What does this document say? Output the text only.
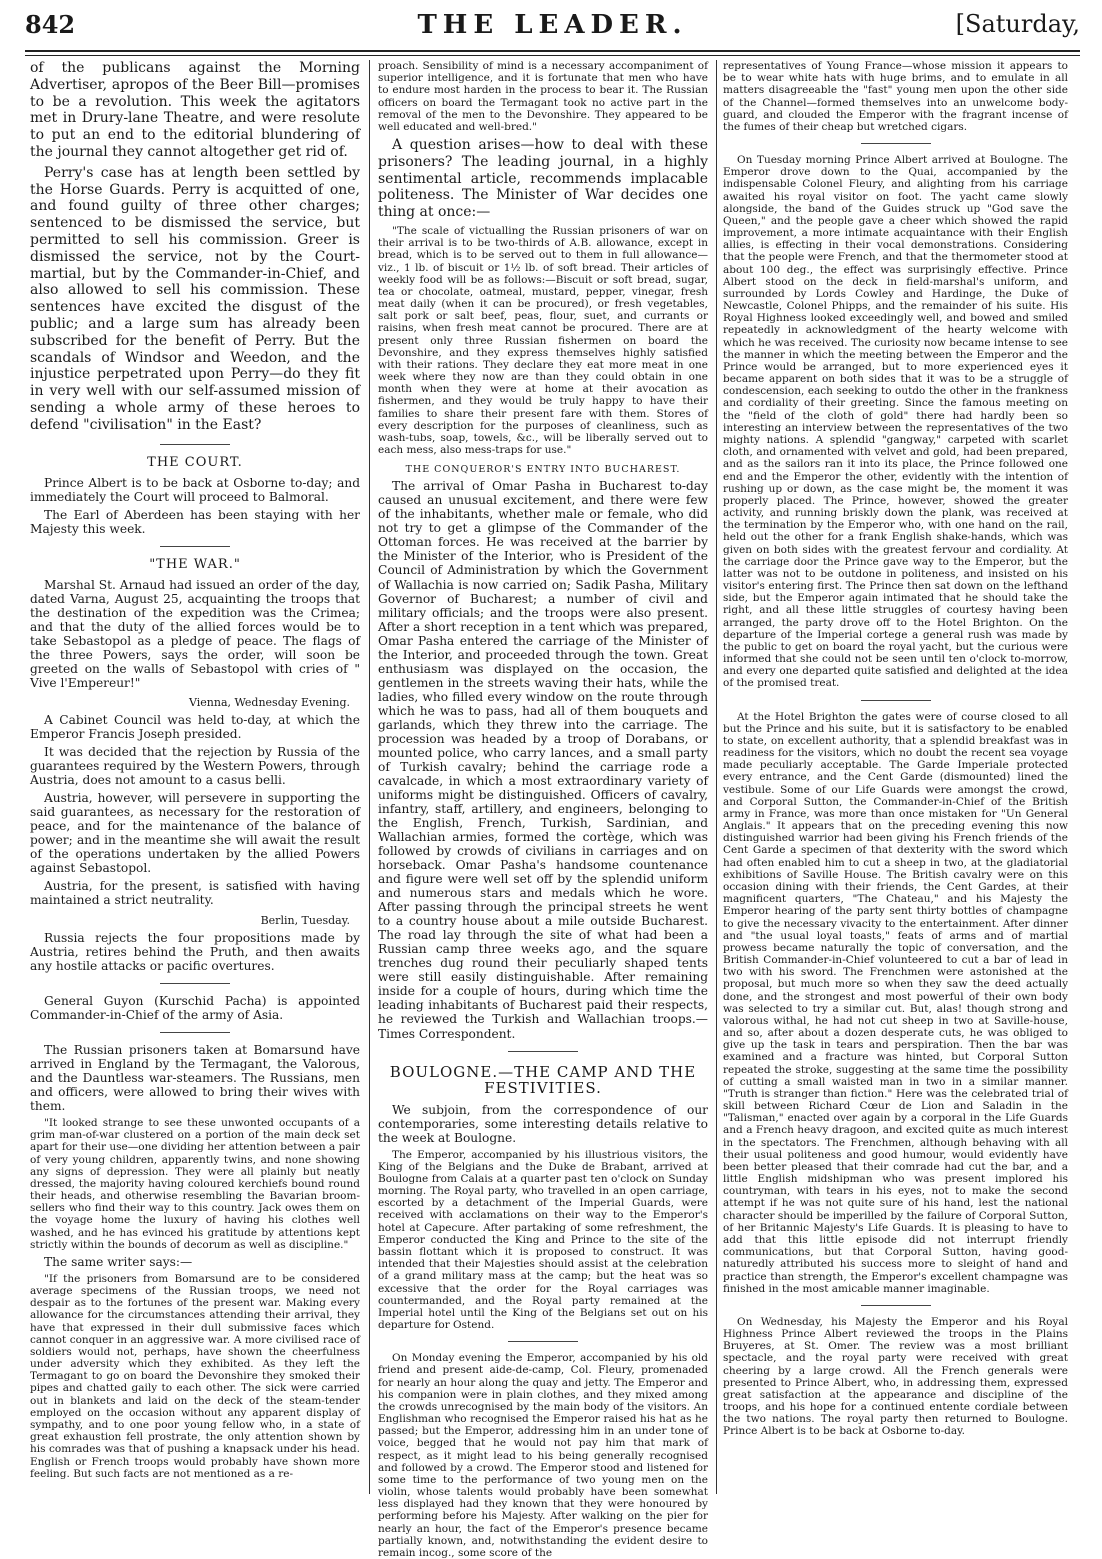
842	THE LEADER.	[Saturday,

of the publicans against the Morning Advertiser, apropos of the Beer Bill—promises to be a revolution. This week the agitators met in Drury-lane Theatre, and were resolute to put an end to the editorial blundering of the journal they cannot altogether get rid of.

Perry's case has at length been settled by the Horse Guards. Perry is acquitted of one, and found guilty of three other charges; sentenced to be dismissed the service, but permitted to sell his commission. Greer is dismissed the service, not by the Court-martial, but by the Commander-in-Chief, and also allowed to sell his commission. These sentences have excited the disgust of the public; and a large sum has already been subscribed for the benefit of Perry. But the scandals of Windsor and Weedon, and the injustice perpetrated upon Perry—do they fit in very well with our self-assumed mission of sending a whole army of these heroes to defend "civilisation" in the East?

THE COURT.

Prince Albert is to be back at Osborne to-day; and immediately the Court will proceed to Balmoral.

The Earl of Aberdeen has been staying with her Majesty this week.

"THE WAR."

Marshal St. Arnaud had issued an order of the day, dated Varna, August 25, acquainting the troops that the destination of the expedition was the Crimea; and that the duty of the allied forces would be to take Sebastopol as a pledge of peace. The flags of the three Powers, says the order, will soon be greeted on the walls of Sebastopol with cries of " Vive l'Empereur!"

Vienna, Wednesday Evening.

A Cabinet Council was held to-day, at which the Emperor Francis Joseph presided.

It was decided that the rejection by Russia of the guarantees required by the Western Powers, through Austria, does not amount to a casus belli.

Austria, however, will persevere in supporting the said guarantees, as necessary for the restoration of peace, and for the maintenance of the balance of power; and in the meantime she will await the result of the operations undertaken by the allied Powers against Sebastopol.

Austria, for the present, is satisfied with having maintained a strict neutrality.

Berlin, Tuesday.

Russia rejects the four propositions made by Austria, retires behind the Pruth, and then awaits any hostile attacks or pacific overtures.

General Guyon (Kurschid Pacha) is appointed Commander-in-Chief of the army of Asia.

The Russian prisoners taken at Bomarsund have arrived in England by the Termagant, the Valorous, and the Dauntless war-steamers. The Russians, men and officers, were allowed to bring their wives with them.

"It looked strange to see these unwonted occupants of a grim man-of-war clustered on a portion of the main deck set apart for their use—one dividing her attention between a pair of very young children, apparently twins, and none showing any signs of depression. They were all plainly but neatly dressed, the majority having coloured kerchiefs bound round their heads, and otherwise resembling the Bavarian broom-sellers who find their way to this country. Jack owes them on the voyage home the luxury of having his clothes well washed, and he has evinced his gratitude by attentions kept strictly within the bounds of decorum as well as discipline."

The same writer says:—

"If the prisoners from Bomarsund are to be considered average specimens of the Russian troops, we need not despair as to the fortunes of the present war. Making every allowance for the circumstances attending their arrival, they have that expressed in their dull submissive faces which cannot conquer in an aggressive war. A more civilised race of soldiers would not, perhaps, have shown the cheerfulness under adversity which they exhibited. As they left the Termagant to go on board the Devonshire they smoked their pipes and chatted gaily to each other. The sick were carried out in blankets and laid on the deck of the steam-tender employed on the occasion without any apparent display of sympathy, and to one poor young fellow who, in a state of great exhaustion fell prostrate, the only attention shown by his comrades was that of pushing a knapsack under his head. English or French troops would probably have shown more feeling. But such facts are not mentioned as a re-

proach. Sensibility of mind is a necessary accompaniment of superior intelligence, and it is fortunate that men who have to endure most harden in the process to bear it. The Russian officers on board the Termagant took no active part in the removal of the men to the Devonshire. They appeared to be well educated and well-bred."

A question arises—how to deal with these prisoners? The leading journal, in a highly sentimental article, recommends implacable politeness. The Minister of War decides one thing at once:—

"The scale of victualling the Russian prisoners of war on their arrival is to be two-thirds of A.B. allowance, except in bread, which is to be served out to them in full allowance—viz., 1 lb. of biscuit or 1½ lb. of soft bread. Their articles of weekly food will be as follows:—Biscuit or soft bread, sugar, tea or chocolate, oatmeal, mustard, pepper, vinegar, fresh meat daily (when it can be procured), or fresh vegetables, salt pork or salt beef, peas, flour, suet, and currants or raisins, when fresh meat cannot be procured. There are at present only three Russian fishermen on board the Devonshire, and they express themselves highly satisfied with their rations. They declare they eat more meat in one week where they now are than they could obtain in one month when they were at home at their avocation as fishermen, and they would be truly happy to have their families to share their present fare with them. Stores of every description for the purposes of cleanliness, such as wash-tubs, soap, towels, &c., will be liberally served out to each mess, also mess-traps for use."

THE CONQUEROR'S ENTRY INTO BUCHAREST.

The arrival of Omar Pasha in Bucharest to-day caused an unusual excitement, and there were few of the inhabitants, whether male or female, who did not try to get a glimpse of the Commander of the Ottoman forces. He was received at the barrier by the Minister of the Interior, who is President of the Council of Administration by which the Government of Wallachia is now carried on; Sadik Pasha, Military Governor of Bucharest; a number of civil and military officials; and the troops were also present. After a short reception in a tent which was prepared, Omar Pasha entered the carriage of the Minister of the Interior, and proceeded through the town. Great enthusiasm was displayed on the occasion, the gentlemen in the streets waving their hats, while the ladies, who filled every window on the route through which he was to pass, had all of them bouquets and garlands, which they threw into the carriage. The procession was headed by a troop of Dorabans, or mounted police, who carry lances, and a small party of Turkish cavalry; behind the carriage rode a cavalcade, in which a most extraordinary variety of uniforms might be distinguished. Officers of cavalry, infantry, staff, artillery, and engineers, belonging to the English, French, Turkish, Sardinian, and Wallachian armies, formed the cortège, which was followed by crowds of civilians in carriages and on horseback. Omar Pasha's handsome countenance and figure were well set off by the splendid uniform and numerous stars and medals which he wore. After passing through the principal streets he went to a country house about a mile outside Bucharest. The road lay through the site of what had been a Russian camp three weeks ago, and the square trenches dug round their peculiarly shaped tents were still easily distinguishable. After remaining inside for a couple of hours, during which time the leading inhabitants of Bucharest paid their respects, he reviewed the Turkish and Wallachian troops.—Times Correspondent.

BOULOGNE.—THE CAMP AND THE FESTIVITIES.

We subjoin, from the correspondence of our contemporaries, some interesting details relative to the week at Boulogne.

The Emperor, accompanied by his illustrious visitors, the King of the Belgians and the Duke de Brabant, arrived at Boulogne from Calais at a quarter past ten o'clock on Sunday morning. The Royal party, who travelled in an open carriage, escorted by a detachment of the Imperial Guards, were received with acclamations on their way to the Emperor's hotel at Capecure. After partaking of some refreshment, the Emperor conducted the King and Prince to the site of the bassin flottant which it is proposed to construct. It was intended that their Majesties should assist at the celebration of a grand military mass at the camp; but the heat was so excessive that the order for the Royal carriages was countermanded, and the Royal party remained at the Imperial hotel until the King of the Belgians set out on his departure for Ostend.

On Monday evening the Emperor, accompanied by his old friend and present aide-de-camp, Col. Fleury, promenaded for nearly an hour along the quay and jetty. The Emperor and his companion were in plain clothes, and they mixed among the crowds unrecognised by the main body of the visitors. An Englishman who recognised the Emperor raised his hat as he passed; but the Emperor, addressing him in an under tone of voice, begged that he would not pay him that mark of respect, as it might lead to his being generally recognised and followed by a crowd. The Emperor stood and listened for some time to the performance of two young men on the violin, whose talents would probably have been somewhat less displayed had they known that they were honoured by performing before his Majesty. After walking on the pier for nearly an hour, the fact of the Emperor's presence became partially known, and, notwithstanding the evident desire to remain incog., some score of the

representatives of Young France—whose mission it appears to be to wear white hats with huge brims, and to emulate in all matters disagreeable the "fast" young men upon the other side of the Channel—formed themselves into an unwelcome body-guard, and clouded the Emperor with the fragrant incense of the fumes of their cheap but wretched cigars.

On Tuesday morning Prince Albert arrived at Boulogne. The Emperor drove down to the Quai, accompanied by the indispensable Colonel Fleury, and alighting from his carriage awaited his royal visitor on foot. The yacht came slowly alongside, the band of the Guides struck up "God save the Queen," and the people gave a cheer which showed the rapid improvement, a more intimate acquaintance with their English allies, is effecting in their vocal demonstrations. Considering that the people were French, and that the thermometer stood at about 100 deg., the effect was surprisingly effective. Prince Albert stood on the deck in field-marshal's uniform, and surrounded by Lords Cowley and Hardinge, the Duke of Newcastle, Colonel Phipps, and the remainder of his suite. His Royal Highness looked exceedingly well, and bowed and smiled repeatedly in acknowledgment of the hearty welcome with which he was received. The curiosity now became intense to see the manner in which the meeting between the Emperor and the Prince would be arranged, but to more experienced eyes it became apparent on both sides that it was to be a struggle of condescension, each seeking to outdo the other in the frankness and cordiality of their greeting. Since the famous meeting on the "field of the cloth of gold" there had hardly been so interesting an interview between the representatives of the two mighty nations. A splendid "gangway," carpeted with scarlet cloth, and ornamented with velvet and gold, had been prepared, and as the sailors ran it into its place, the Prince followed one end and the Emperor the other, evidently with the intention of rushing up or down, as the case might be, the moment it was properly placed. The Prince, however, showed the greater activity, and running briskly down the plank, was received at the termination by the Emperor who, with one hand on the rail, held out the other for a frank English shake-hands, which was given on both sides with the greatest fervour and cordiality. At the carriage door the Prince gave way to the Emperor, but the latter was not to be outdone in politeness, and insisted on his visitor's entering first. The Prince then sat down on the lefthand side, but the Emperor again intimated that he should take the right, and all these little struggles of courtesy having been arranged, the party drove off to the Hotel Brighton. On the departure of the Imperial cortege a general rush was made by the public to get on board the royal yacht, but the curious were informed that she could not be seen until ten o'clock to-morrow, and every one departed quite satisfied and delighted at the idea of the promised treat.

At the Hotel Brighton the gates were of course closed to all but the Prince and his suite, but it is satisfactory to be enabled to state, on excellent authority, that a splendid breakfast was in readiness for the visitors, which no doubt the recent sea voyage made peculiarly acceptable. The Garde Imperiale protected every entrance, and the Cent Garde (dismounted) lined the vestibule. Some of our Life Guards were amongst the crowd, and Corporal Sutton, the Commander-in-Chief of the British army in France, was more than once mistaken for "Un General Anglais." It appears that on the preceding evening this now distinguished warrior had been giving his French friends of the Cent Garde a specimen of that dexterity with the sword which had often enabled him to cut a sheep in two, at the gladiatorial exhibitions of Saville House. The British cavalry were on this occasion dining with their friends, the Cent Gardes, at their magnificent quarters, "The Chateau," and his Majesty the Emperor hearing of the party sent thirty bottles of champagne to give the necessary vivacity to the entertainment. After dinner and "the usual loyal toasts," feats of arms and of martial prowess became naturally the topic of conversation, and the British Commander-in-Chief volunteered to cut a bar of lead in two with his sword. The Frenchmen were astonished at the proposal, but much more so when they saw the deed actually done, and the strongest and most powerful of their own body was selected to try a similar cut. But, alas! though strong and valorous withal, he had not cut sheep in two at Saville-house, and so, after about a dozen desperate cuts, he was obliged to give up the task in tears and perspiration. Then the bar was examined and a fracture was hinted, but Corporal Sutton repeated the stroke, suggesting at the same time the possibility of cutting a small waisted man in two in a similar manner. "Truth is stranger than fiction." Here was the celebrated trial of skill between Richard Cœur de Lion and Saladin in the "Talisman," enacted over again by a corporal in the Life Guards and a French heavy dragoon, and excited quite as much interest in the spectators. The Frenchmen, although behaving with all their usual politeness and good humour, would evidently have been better pleased that their comrade had cut the bar, and a little English midshipman who was present implored his countryman, with tears in his eyes, not to make the second attempt if he was not quite sure of his hand, lest the national character should be imperilled by the failure of Corporal Sutton, of her Britannic Majesty's Life Guards. It is pleasing to have to add that this little episode did not interrupt friendly communications, but that Corporal Sutton, having good-naturedly attributed his success more to sleight of hand and practice than strength, the Emperor's excellent champagne was finished in the most amicable manner imaginable.

On Wednesday, his Majesty the Emperor and his Royal Highness Prince Albert reviewed the troops in the Plains Bruyeres, at St. Omer. The review was a most brilliant spectacle, and the royal party were received with great cheering by a large crowd. All the French generals were presented to Prince Albert, who, in addressing them, expressed great satisfaction at the appearance and discipline of the troops, and his hope for a continued entente cordiale between the two nations. The royal party then returned to Boulogne. Prince Albert is to be back at Osborne to-day.
